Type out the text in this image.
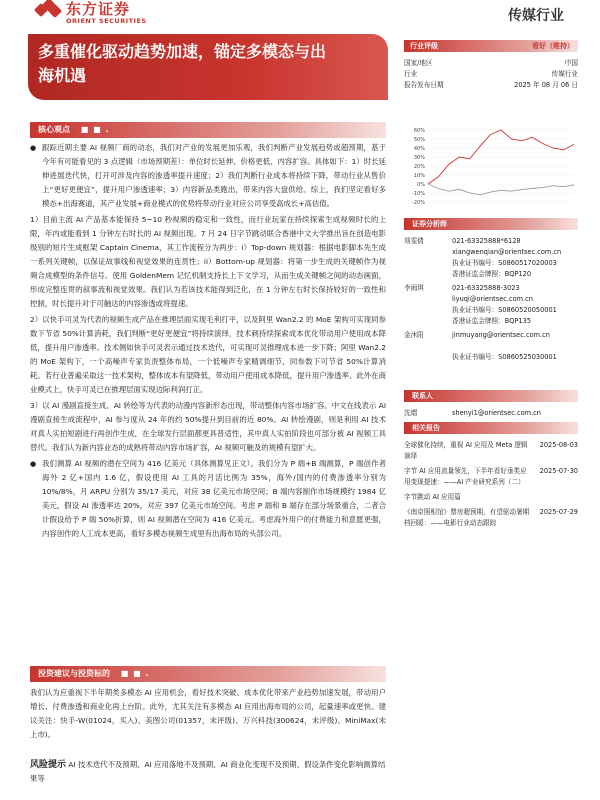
东方证券
ORIENT SECURITIES	传媒行业
多重催化驱动趋势加速，锚定多模态与出
海机遇
核心观点 ■ ■ .
● 跟踪近期主要 AI 视频厂商的动态，我们对产业的发展更加乐观，我们判断产业发展趋势或超预期，基于今年有可能看见的 3 点逻辑（市场预期差）：单位时长延伸、价格更低、内容扩容。具体如下：1）时长延伸进展迭代快，打开可涉及内容的渗透率提升速度；2）我们判断行业成本将持续下降，带动行业从售价上“更好更便宜”，提升用户渗透速率；3）内容新品类跑出，带来内容大盘供给。综上，我们坚定看好多模态+出海赛道，其产业发展+商业模式的优势将带动行业对应公司享受高成长+高估值。
1）目前主流 AI 产品基本能保持 5~10 秒视频的稳定和一致性，而行业玩家在持续探索生成视频时长的上限，年内或能看到 1 分钟左右时长的 AI 视频出现。7 月 24 日字节跳动联合香港中文大学推出旨在创造电影级别的短片生成框架 Captain Cinema，其工作流程分为两步：i）Top-down 规划器：根据电影脚本先生成一系列关键帧，以保证故事线和视觉效果的连贯性；ii）Bottom-up 规划器：将第一步生成的关键帧作为视频合成模型的条件信号。使用 GoldenMem 记忆机制支持长上下文学习，从而生成关键帧之间的动态画面，形成完整连贯的叙事流和视觉效果。我们认为若该技术能得到泛化，在 1 分钟左右时长保持较好的一致性和控制，时长提升对于可触达的内容渗透或将提速。
2）以快手可灵为代表的视频生成产品在推理层面实现毛利打平，以及阿里 Wan2.2 的 MoE 架构可实现同参数下节省 50%计算消耗，我们判断“更好更便宜”将持续演绎，技术刺持续探索成本优化带动用户使用成本降低，提升用户渗透率。技术侧如快手可灵表示通过技术迭代，可实现可灵推理成本进一步下降；阿里 Wan2.2 的 MoE 架构下，一个高噪声专家负责整体布局，一个低噪声专家精调细节，同参数下可节省 50%计算消耗。若行业普遍采取这一技术架构，整体成本有望降低，带动用户使用成本降低，提升用户渗透率。此外在商业模式上，快手可灵已在推理层面实现边际利润打正。
3）以 AI 漫剧直接生成、AI 转绘等为代表的动漫内容新形态出现，带动整体内容市场扩容。中文在线表示 AI 漫剧直接生成流程中，AI 参与度从 24 年的约 50%提升到目前的近 80%。AI 转绘漫剧，则是利用 AI 技术对真人实拍短剧进行再创作生成，在全球发行层面都更具普适性，其中真人实拍阶段也可部分被 AI 视频工具替代。我们认为新内容业态的成熟将带动内容市场扩容，AI 视频可触及的规模有望扩大。
● 我们测算 AI 视频的潜在空间为 416 亿美元（具体测算见正文）。我们分为 P 端+B 端测算，P 端创作者海外 2 亿+国内 1.6 亿，假设使用 AI 工具的月活比例为 35%，海外/国内的付费渗透率分别为 10%/8%，月 ARPU 分别为 35/17 美元，对应 38 亿美元市场空间；B 端内容制作市场规模约 1984 亿美元，假设 AI 渗透率达 20%，对应 397 亿美元市场空间。考虑 P 端和 B 端存在部分场景重合，二者合计假设给予 P 端 50%折算，则 AI 视频潜在空间为 416 亿美元。考虑海外用户的付费能力和意愿更强，内容创作的人工成本更高，看好多模态视频生成里有出海布局的头部公司。
投资建议与投资标的 ■ ■ .
我们认为应重视下半年期类多模态 AI 应用机会，看好技术突破、成本优化带来产业趋势加速发展，带动用户增长、付费渗透和商业化再上台阶。此外，尤其关注有多模态 AI 应用出海布局的公司，起量速率或更快。建议关注：快手-W(01024，买入)、美图公司(01357，未评级)、万兴科技(300624，未评级)、MiniMax(未上市)。
风险提示 AI 技术迭代不及预期、AI 应用落地不及预期、AI 商业化变现不及预期、假设条件变化影响测算结果等
行业评级	看好（维持）
国家/地区	中国
行业	传媒行业
报告发布日期	2025 年 08 月 06 日
60%
50%
40%
30%
20%
10%
0%
-10%
-20%
证券分析师
项雯倩	021-63325888*6128
xiangwenqian@orientsec.com.cn
执业证书编号：S0860517020003
香港证监会牌照：BQP120
李雨琪	021-63325888-3023
liyuqi@orientsec.com.cn
执业证书编号：S0860520050001
香港证监会牌照：BQP135
金沐阳	jinmuyang@orientsec.com.cn
执业证书编号：S0860525030001
联系人
沈熠	shenyi1@orientsec.com.cn
相关报告
全球催化持续，重视 AI 应用及 Meta 逻辑演绎
2025-08-03
字节 AI 应用流量领先，下半年看好垂类应用变现提速：——AI 产业研究系列（二）
2025-07-30
字节跳动 AI 应用篇
《南京照相馆》票房超预期，有望驱动暑期档回暖：——电影行业动态跟踪
2025-07-29
